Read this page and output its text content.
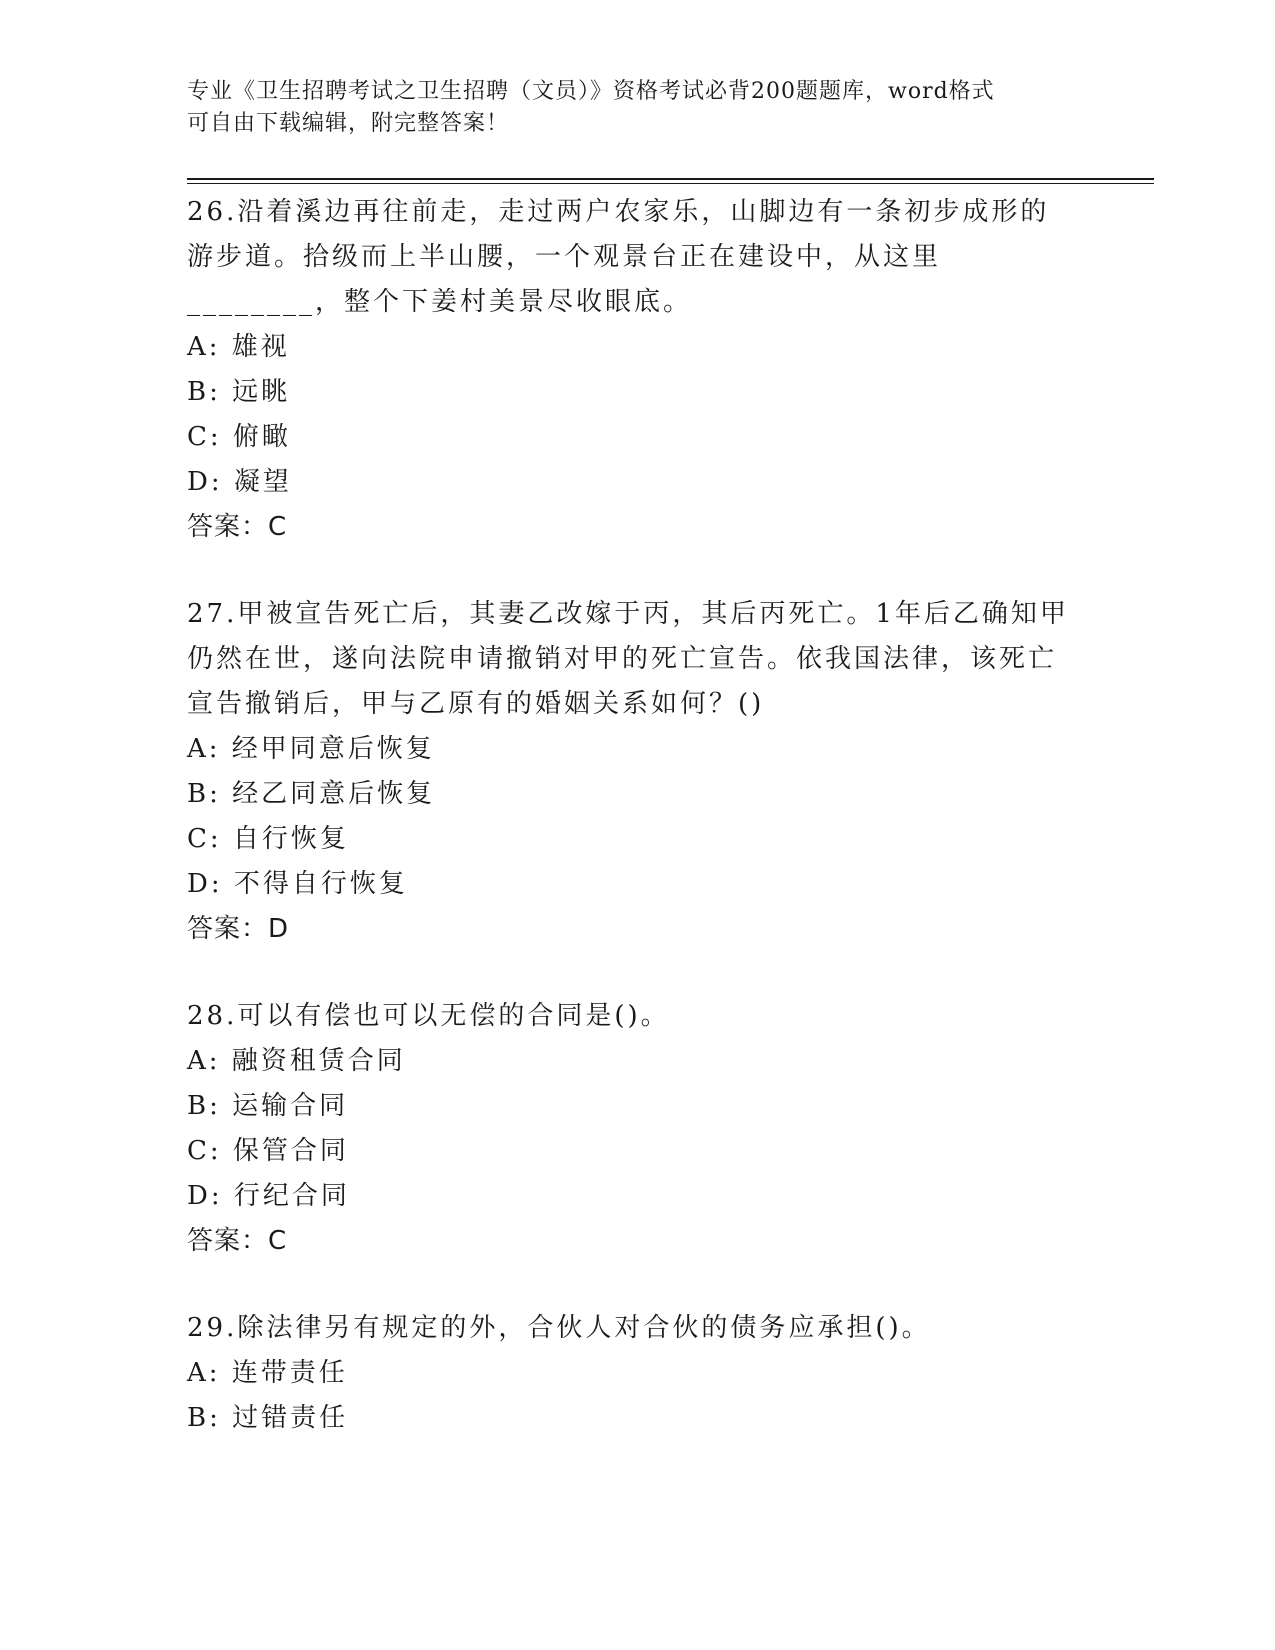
专业《卫生招聘考试之卫生招聘（文员）》资格考试必背200题题库，word格式
可自由下载编辑，附完整答案！

26.沿着溪边再往前走，走过两户农家乐，山脚边有一条初步成形的游步道。拾级而上半山腰，一个观景台正在建设中，从这里________，整个下姜村美景尽收眼底。

A: 雄视

B: 远眺

C: 俯瞰

D: 凝望

答案：C

27.甲被宣告死亡后，其妻乙改嫁于丙，其后丙死亡。1年后乙确知甲仍然在世，遂向法院申请撤销对甲的死亡宣告。依我国法律，该死亡宣告撤销后，甲与乙原有的婚姻关系如何？()

A: 经甲同意后恢复

B: 经乙同意后恢复

C: 自行恢复

D: 不得自行恢复

答案：D

28.可以有偿也可以无偿的合同是()。

A: 融资租赁合同

B: 运输合同

C: 保管合同

D: 行纪合同

答案：C

29.除法律另有规定的外，合伙人对合伙的债务应承担()。

A: 连带责任

B: 过错责任
